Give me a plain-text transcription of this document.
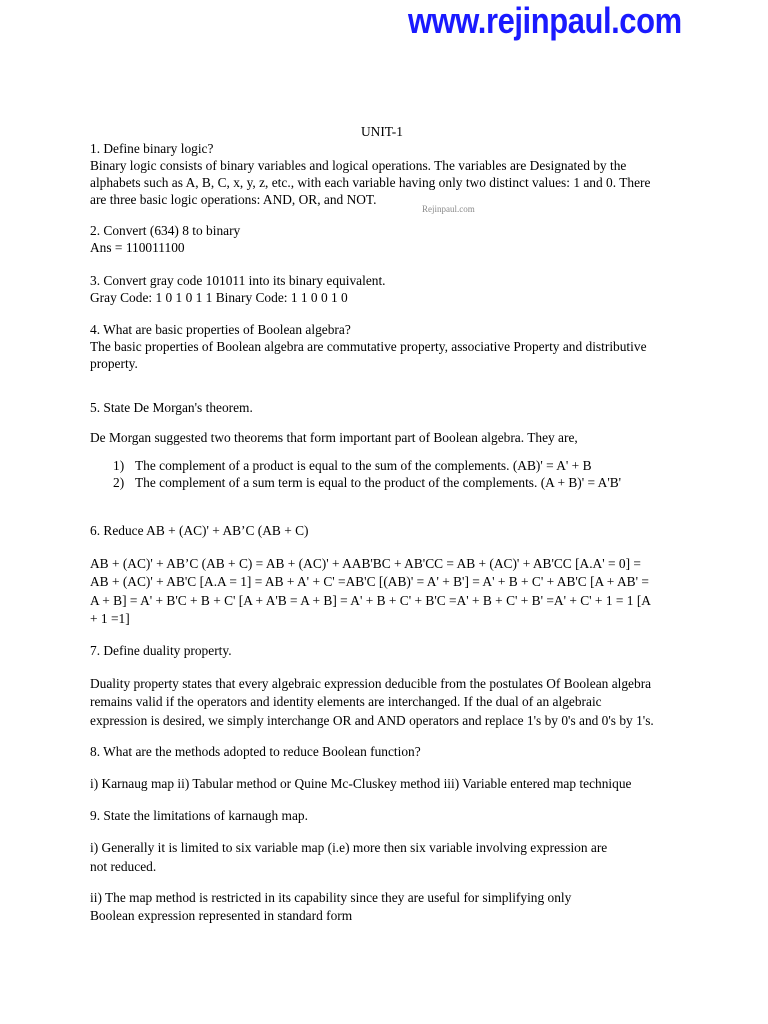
www.rejinpaul.com
UNIT-1
1. Define binary logic?
Binary logic consists of binary variables and logical operations. The variables are Designated by the
alphabets such as A, B, C, x, y, z, etc., with each variable having only two distinct values: 1 and 0. There
are three basic logic operations: AND, OR, and NOT.
Rejinpaul.com
2. Convert (634) 8 to binary
Ans = 110011100
3. Convert gray code 101011 into its binary equivalent.
Gray Code: 1 0 1 0 1 1 Binary Code: 1 1 0 0 1 0
4. What are basic properties of Boolean algebra?
The basic properties of Boolean algebra are commutative property, associative Property and distributive
property.
5. State De Morgan's theorem.
De Morgan suggested two theorems that form important part of Boolean algebra. They are,
1) The complement of a product is equal to the sum of the complements. (AB)' = A' + B
2) The complement of a sum term is equal to the product of the complements. (A + B)' = A'B'
6. Reduce AB + (AC)' + AB’C (AB + C)
AB + (AC)' + AB’C (AB + C) = AB + (AC)' + AAB'BC + AB'CC = AB + (AC)' + AB'CC [A.A' = 0] =
AB + (AC)' + AB'C [A.A = 1] = AB + A' + C' =AB'C [(AB)' = A' + B'] = A' + B + C' + AB'C [A + AB' =
A + B] = A' + B'C + B + C' [A + A'B = A + B] = A' + B + C' + B'C =A' + B + C' + B' =A' + C' + 1 = 1 [A
+ 1 =1]
7. Define duality property.
Duality property states that every algebraic expression deducible from the postulates Of Boolean algebra
remains valid if the operators and identity elements are interchanged. If the dual of an algebraic
expression is desired, we simply interchange OR and AND operators and replace 1's by 0's and 0's by 1's.
8. What are the methods adopted to reduce Boolean function?
i) Karnaug map ii) Tabular method or Quine Mc-Cluskey method iii) Variable entered map technique
9. State the limitations of karnaugh map.
i) Generally it is limited to six variable map (i.e) more then six variable involving expression are
not reduced.
ii) The map method is restricted in its capability since they are useful for simplifying only
Boolean expression represented in standard form
